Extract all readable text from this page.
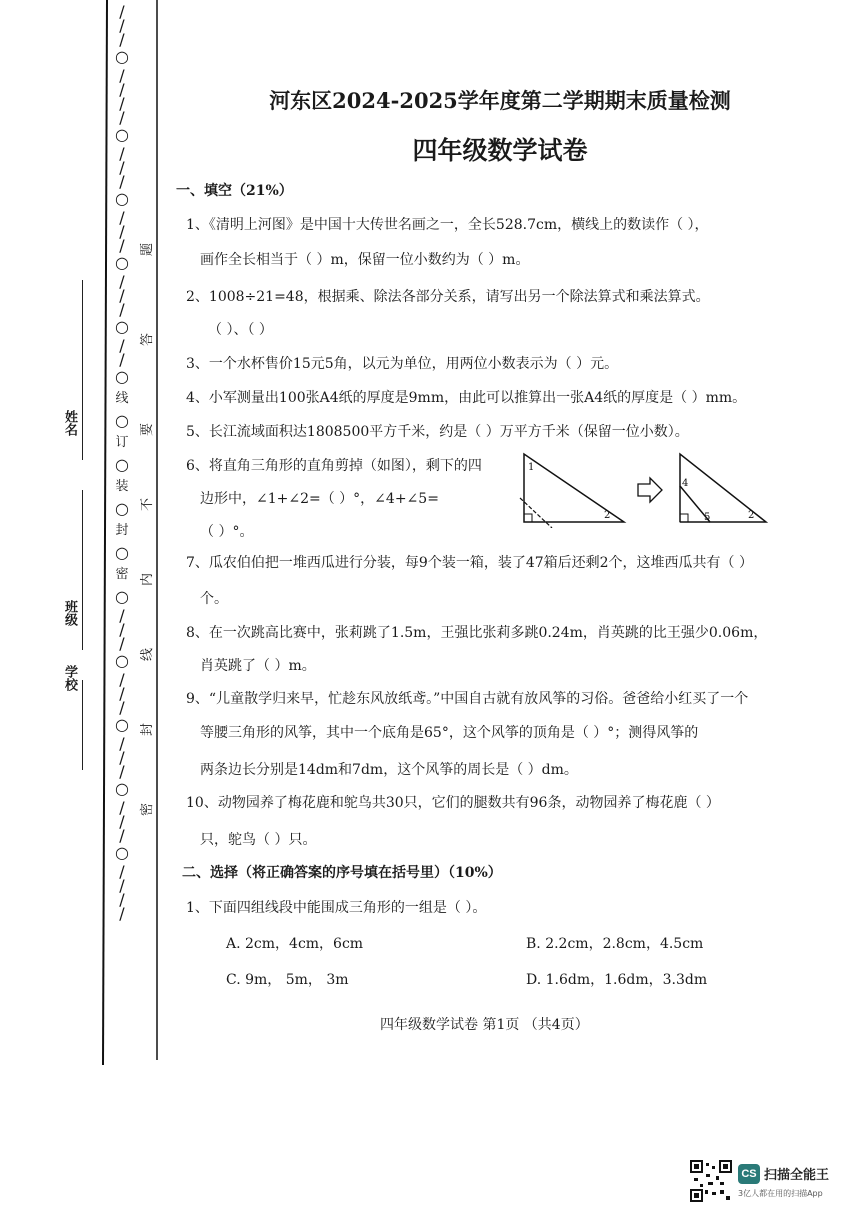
/
/
/
○
/
/
/
/
○
/
/
/
○
/
/
/
○
/
/
/
○
/
/
○
线
○
订
○
装
○
封
○
密
○
/
/
/
○
/
/
/
○
/
/
/
○
/
/
/
○
/
/
/
/
题
答
要
不
内
线
封
密
姓名
班级
学校
河东区2024-2025学年度第二学期期末质量检测
四年级数学试卷
一、填空（21%）
1、《清明上河图》是中国十大传世名画之一，全长528.7cm，横线上的数读作（ ），
画作全长相当于（ ）m，保留一位小数约为（ ）m。
2、1008÷21=48，根据乘、除法各部分关系，请写出另一个除法算式和乘法算式。
（ ）、（ ）
3、一个水杯售价15元5角，以元为单位，用两位小数表示为（ ）元。
4、小军测量出100张A4纸的厚度是9mm，由此可以推算出一张A4纸的厚度是（ ）mm。
5、长江流域面积达1808500平方千米，约是（ ）万平方千米（保留一位小数）。
6、将直角三角形的直角剪掉（如图），剩下的四
边形中，∠1+∠2=（ ）°，∠4+∠5=
（ ）°。
1
2
4
5	2
7、瓜农伯伯把一堆西瓜进行分装，每9个装一箱，装了47箱后还剩2个，这堆西瓜共有（ ）
个。
8、在一次跳高比赛中，张莉跳了1.5m，王强比张莉多跳0.24m，肖英跳的比王强少0.06m，
肖英跳了（ ）m。
9、“儿童散学归来早，忙趁东风放纸鸢。”中国自古就有放风筝的习俗。爸爸给小红买了一个
等腰三角形的风筝，其中一个底角是65°，这个风筝的顶角是（ ）°；测得风筝的
两条边长分别是14dm和7dm，这个风筝的周长是（ ）dm。
10、动物园养了梅花鹿和鸵鸟共30只，它们的腿数共有96条，动物园养了梅花鹿（ ）
只，鸵鸟（ ）只。
二、选择（将正确答案的序号填在括号里）（10%）
1、下面四组线段中能围成三角形的一组是（ ）。
A. 2cm，4cm，6cm	B. 2.2cm，2.8cm，4.5cm
C. 9m， 5m， 3m	D. 1.6dm，1.6dm，3.3dm
四年级数学试卷 第1页 （共4页）
CS 扫描全能王
3亿人都在用的扫描App
